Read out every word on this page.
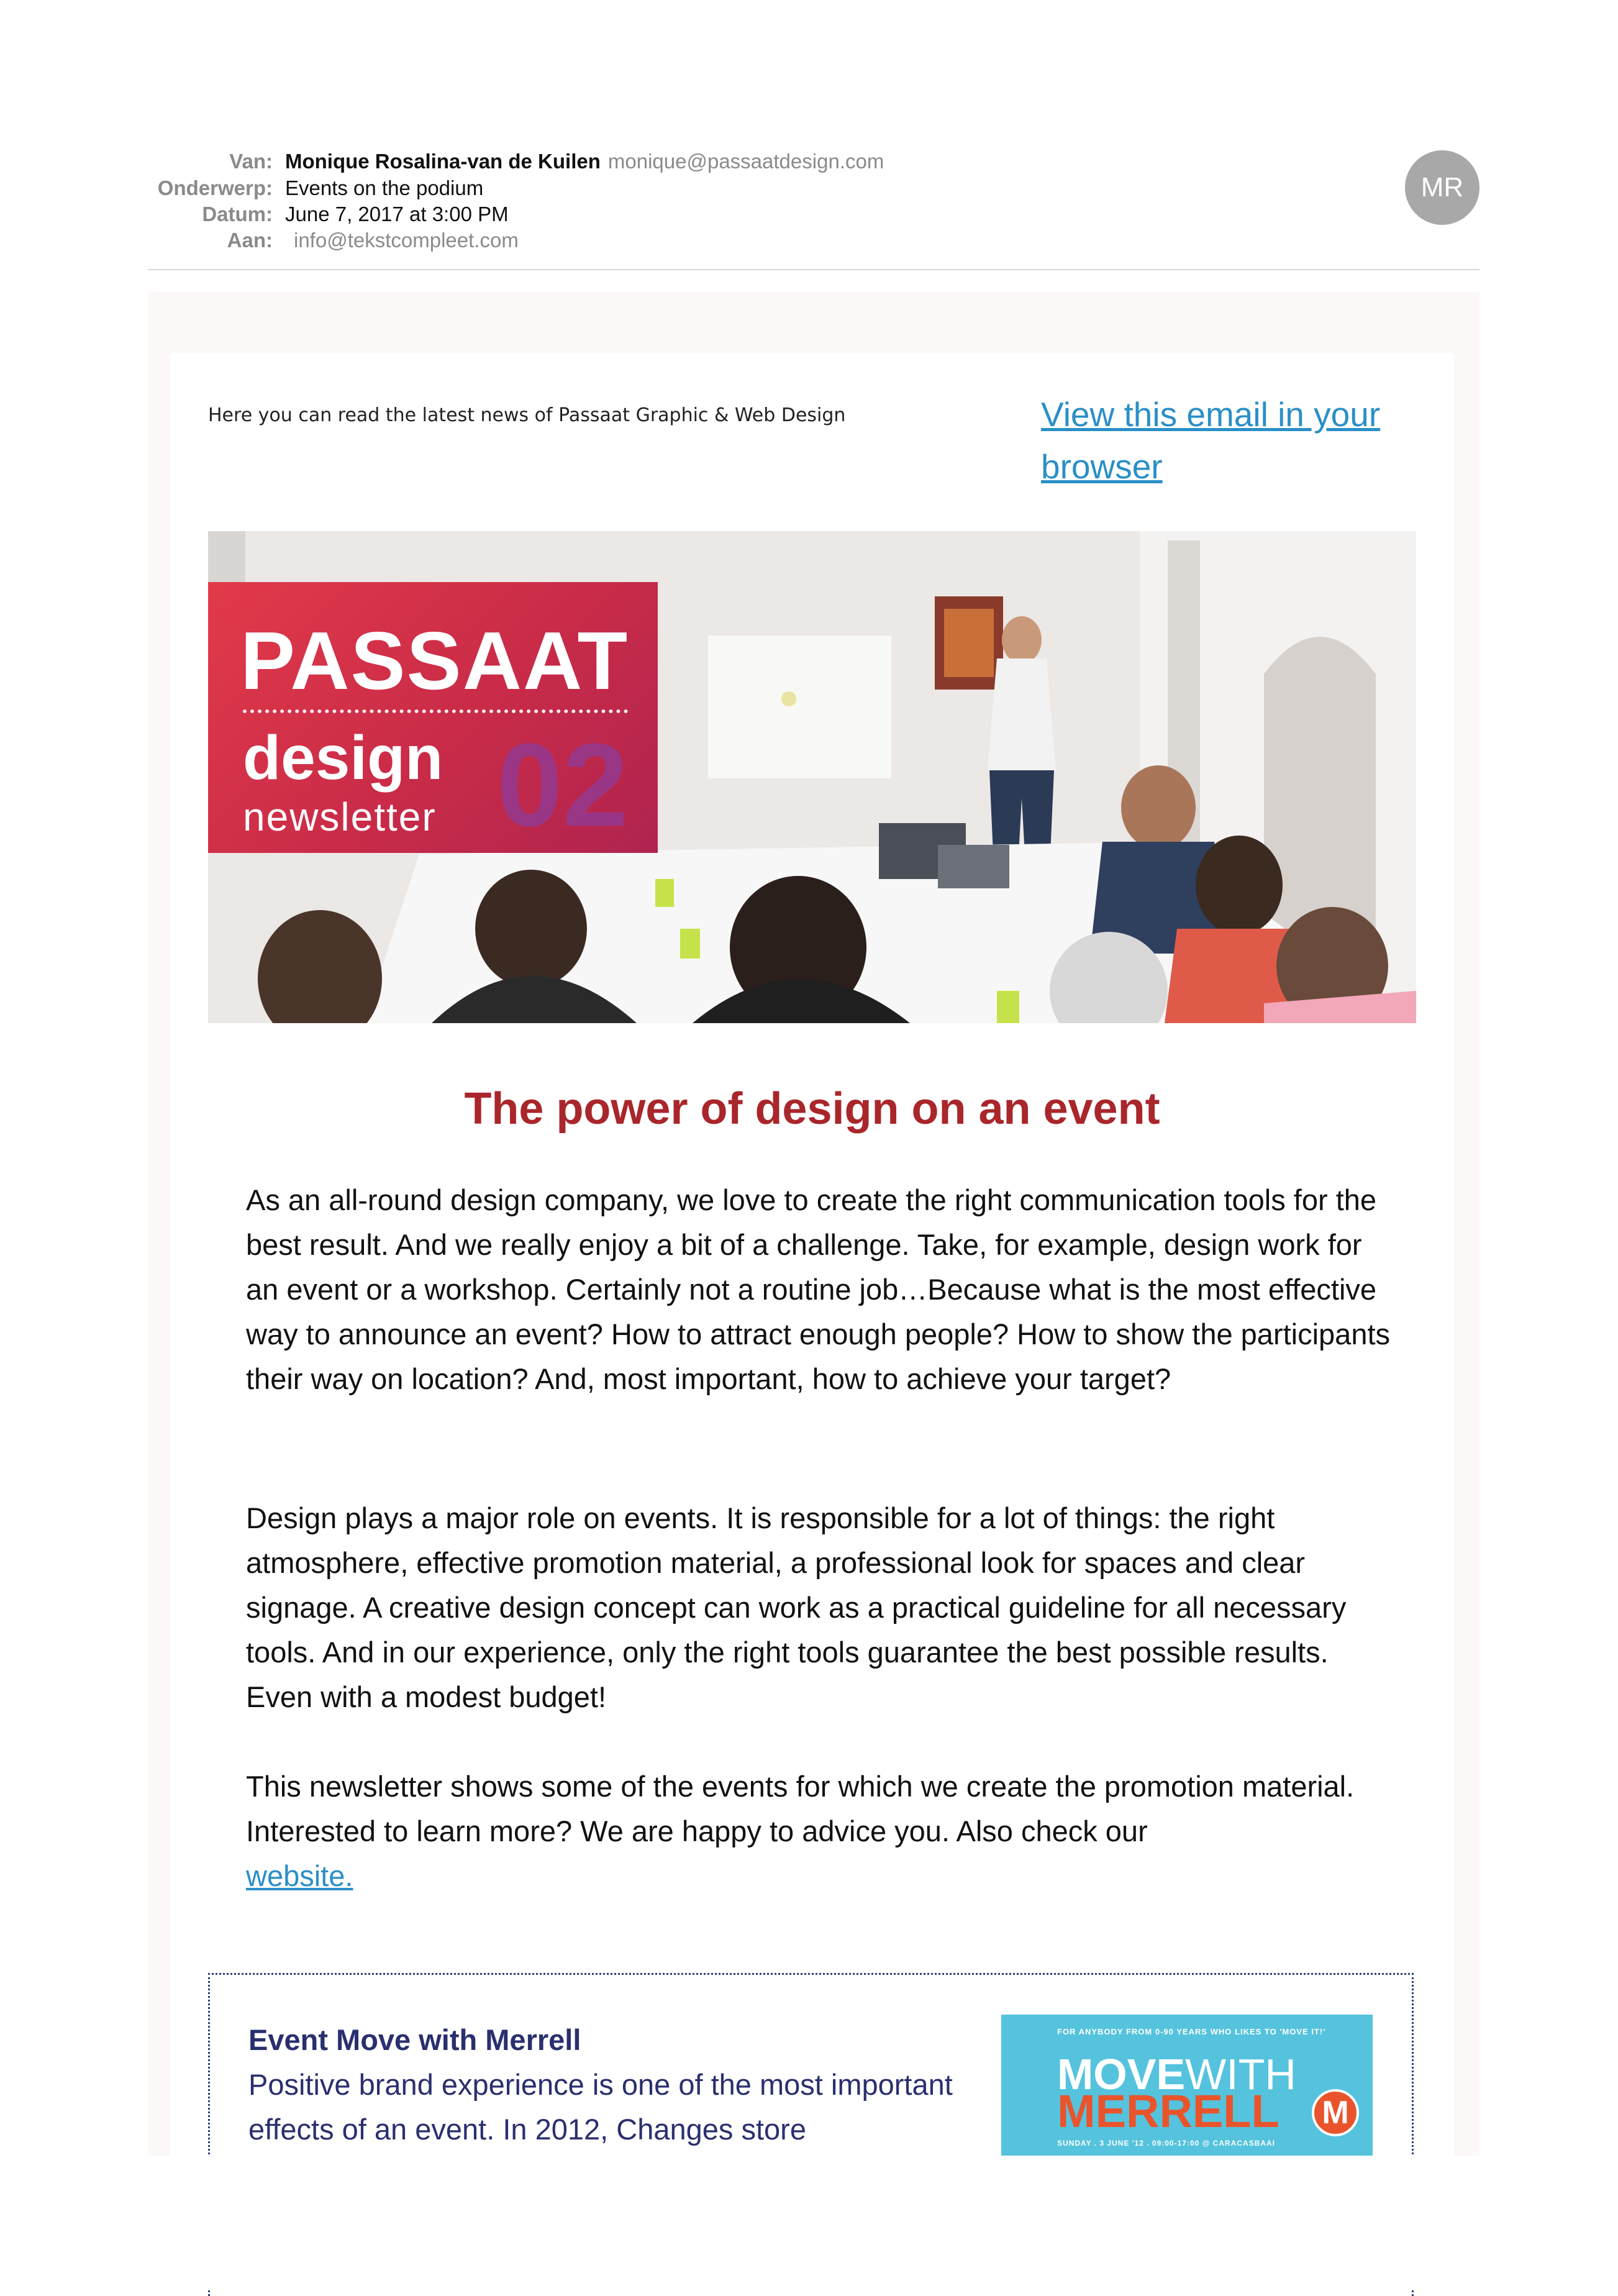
Van: Monique Rosalina-van de Kuilen monique@passaatdesign.com
Onderwerp: Events on the podium
Datum: June 7, 2017 at 3:00 PM
Aan: info@tekstcompleet.com
MR
Here you can read the latest news of Passaat Graphic & Web Design	View this email in your browser
PASSAAT
02
design
newsletter
The power of design on an event
As an all-round design company, we love to create the right communication tools for the best result. And we really enjoy a bit of a challenge. Take, for example, design work for an event or a workshop. Certainly not a routine job…Because what is the most effective way to announce an event? How to attract enough people? How to show the participants their way on location? And, most important, how to achieve your target?
Design plays a major role on events. It is responsible for a lot of things: the right atmosphere, effective promotion material, a professional look for spaces and clear signage. A creative design concept can work as a practical guideline for all necessary tools. And in our experience, only the right tools guarantee the best possible results. Even with a modest budget!
This newsletter shows some of the events for which we create the promotion material. Interested to learn more? We are happy to advice you. Also check our
website.
Event Move with Merrell
Positive brand experience is one of the most important effects of an event. In 2012, Changes store
FOR ANYBODY FROM 0-90 YEARS WHO LIKES TO 'MOVE IT!'
MOVEWITH
MERRELL	M
SUNDAY . 3 JUNE '12 . 09:00-17:00 @ CARACASBAAI
